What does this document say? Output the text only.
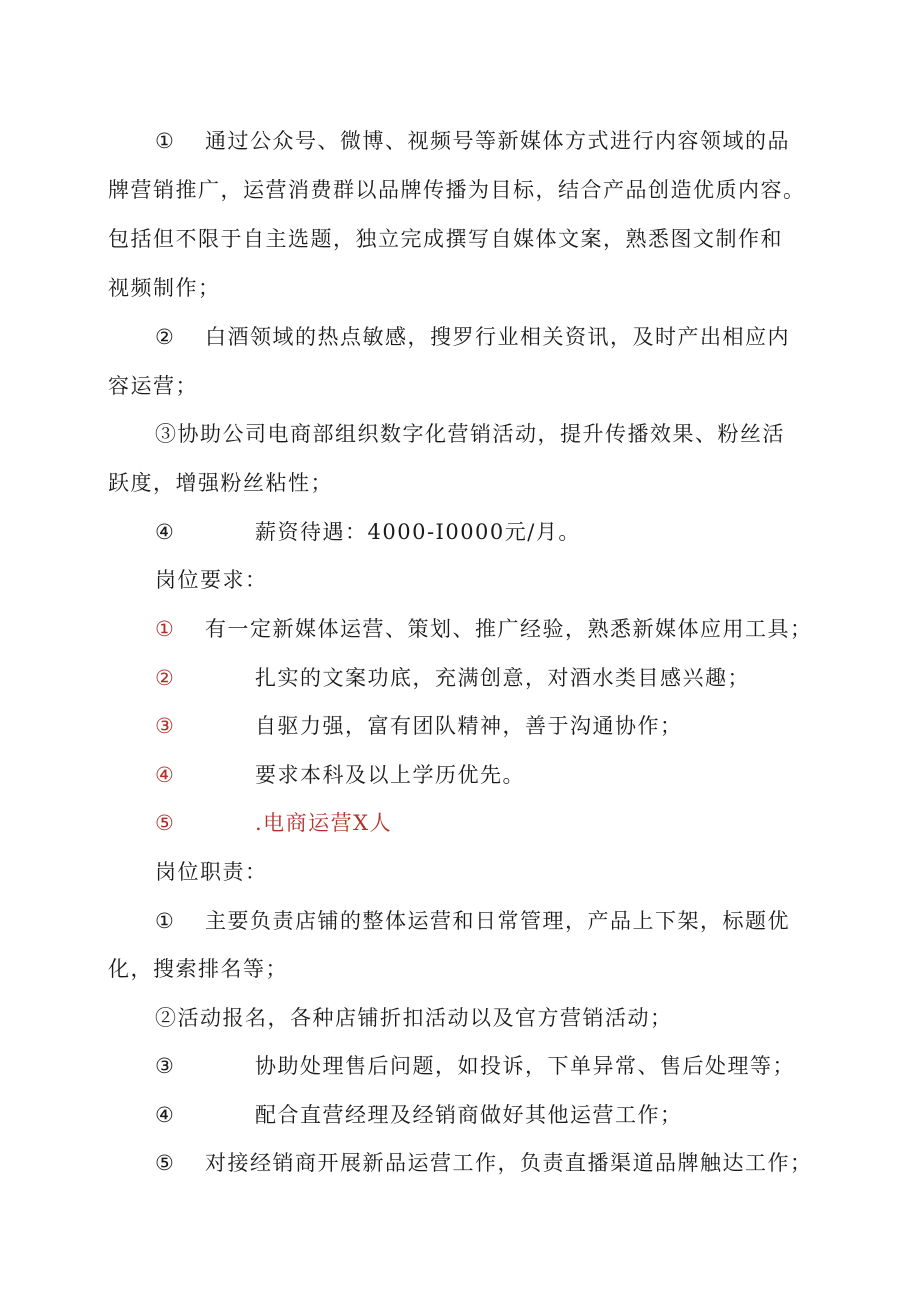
① 通过公众号、微博、视频号等新媒体方式进行内容领域的品
牌营销推广，运营消费群以品牌传播为目标，结合产品创造优质内容。
包括但不限于自主选题，独立完成撰写自媒体文案，熟悉图文制作和
视频制作；
② 白酒领域的热点敏感，搜罗行业相关资讯，及时产出相应内
容运营；
③协助公司电商部组织数字化营销活动，提升传播效果、粉丝活
跃度，增强粉丝粘性；
④	薪资待遇：4000-I0000元/月。
岗位要求：
① 有一定新媒体运营、策划、推广经验，熟悉新媒体应用工具；
②	扎实的文案功底，充满创意，对酒水类目感兴趣；
③	自驱力强，富有团队精神，善于沟通协作；
④	要求本科及以上学历优先。
⑤	.电商运营X人
岗位职责：
① 主要负责店铺的整体运营和日常管理，产品上下架，标题优
化，搜索排名等；
②活动报名，各种店铺折扣活动以及官方营销活动；
③	协助处理售后问题，如投诉，下单异常、售后处理等；
④	配合直营经理及经销商做好其他运营工作；
⑤ 对接经销商开展新品运营工作，负责直播渠道品牌触达工作；
